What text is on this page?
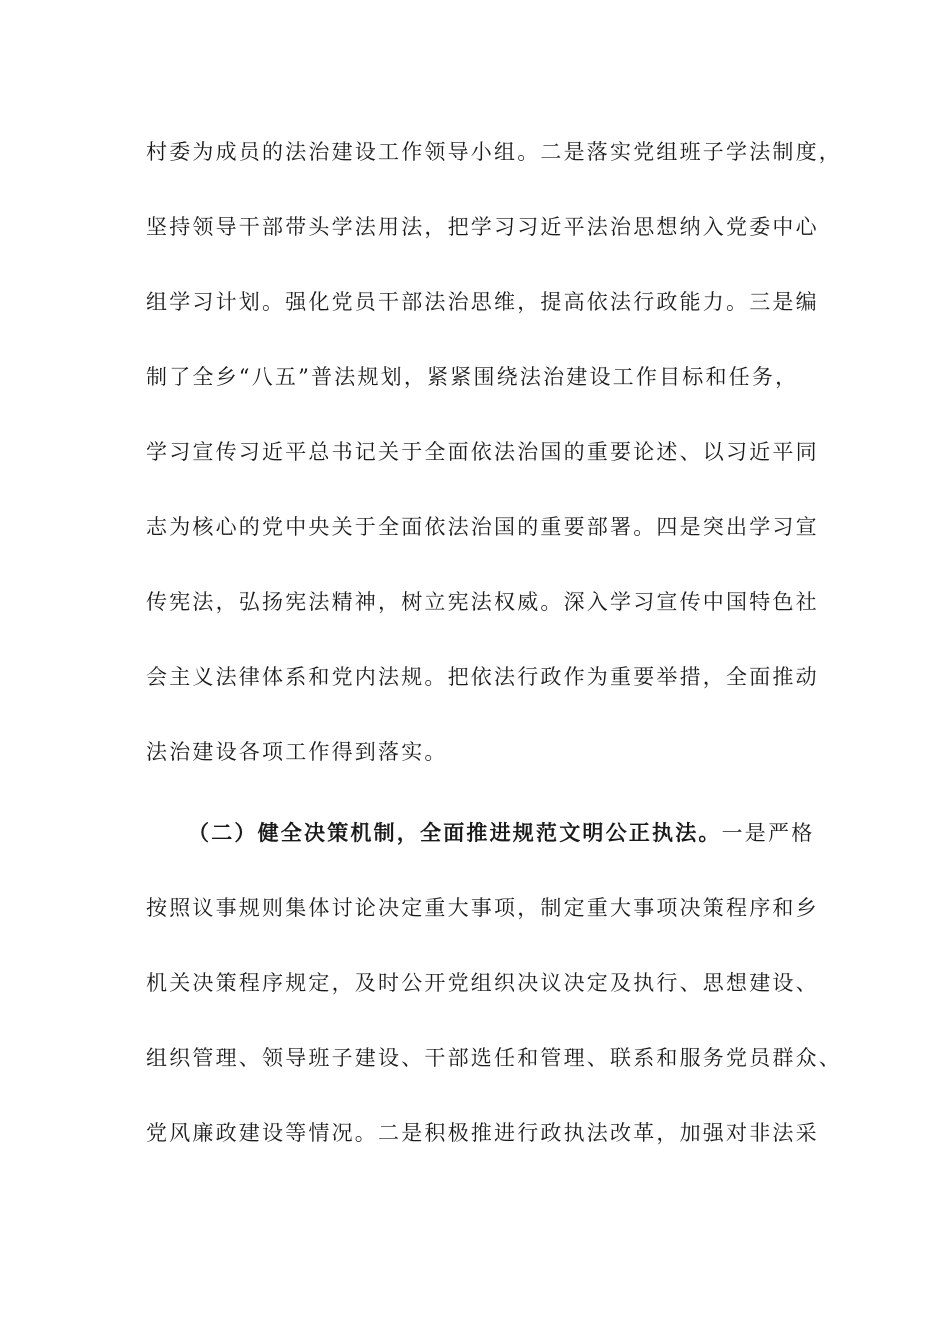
村委为成员的法治建设工作领导小组。二是落实党组班子学法制度，
坚持领导干部带头学法用法，把学习习近平法治思想纳入党委中心
组学习计划。强化党员干部法治思维，提高依法行政能力。三是编
制了全乡“八五”普法规划，紧紧围绕法治建设工作目标和任务，
学习宣传习近平总书记关于全面依法治国的重要论述、以习近平同
志为核心的党中央关于全面依法治国的重要部署。四是突出学习宣
传宪法，弘扬宪法精神，树立宪法权威。深入学习宣传中国特色社
会主义法律体系和党内法规。把依法行政作为重要举措，全面推动
法治建设各项工作得到落实。
（二）健全决策机制，全面推进规范文明公正执法。一是严格
按照议事规则集体讨论决定重大事项，制定重大事项决策程序和乡
机关决策程序规定，及时公开党组织决议决定及执行、思想建设、
组织管理、领导班子建设、干部选任和管理、联系和服务党员群众、
党风廉政建设等情况。二是积极推进行政执法改革，加强对非法采
